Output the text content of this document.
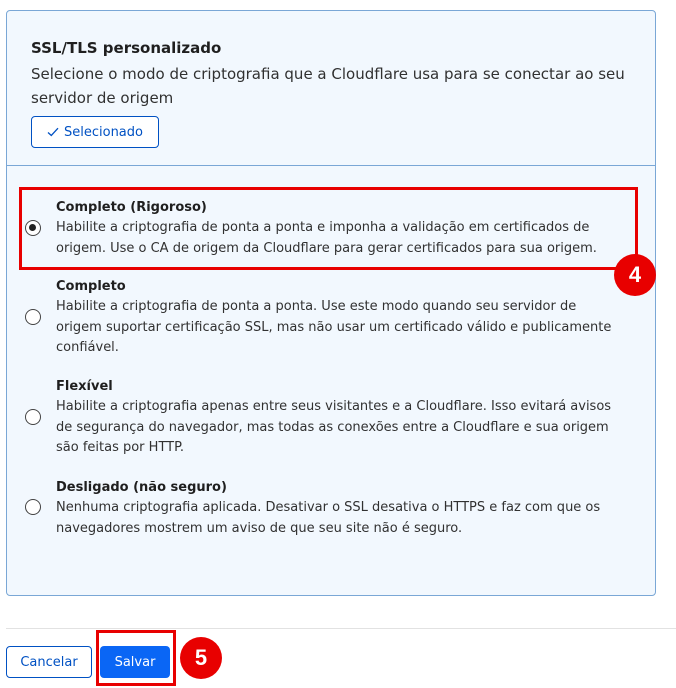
SSL/TLS personalizado
Selecione o modo de criptografia que a Cloudflare usa para se conectar ao seu servidor de origem
Selecionado
Completo (Rigoroso)
Habilite a criptografia de ponta a ponta e imponha a validação em certificados de origem. Use o CA de origem da Cloudflare para gerar certificados para sua origem.
Completo
Habilite a criptografia de ponta a ponta. Use este modo quando seu servidor de origem suportar certificação SSL, mas não usar um certificado válido e publicamente confiável.
Flexível
Habilite a criptografia apenas entre seus visitantes e a Cloudflare. Isso evitará avisos de segurança do navegador, mas todas as conexões entre a Cloudflare e sua origem são feitas por HTTP.
Desligado (não seguro)
Nenhuma criptografia aplicada. Desativar o SSL desativa o HTTPS e faz com que os navegadores mostrem um aviso de que seu site não é seguro.
4
Cancelar	Salvar	5
